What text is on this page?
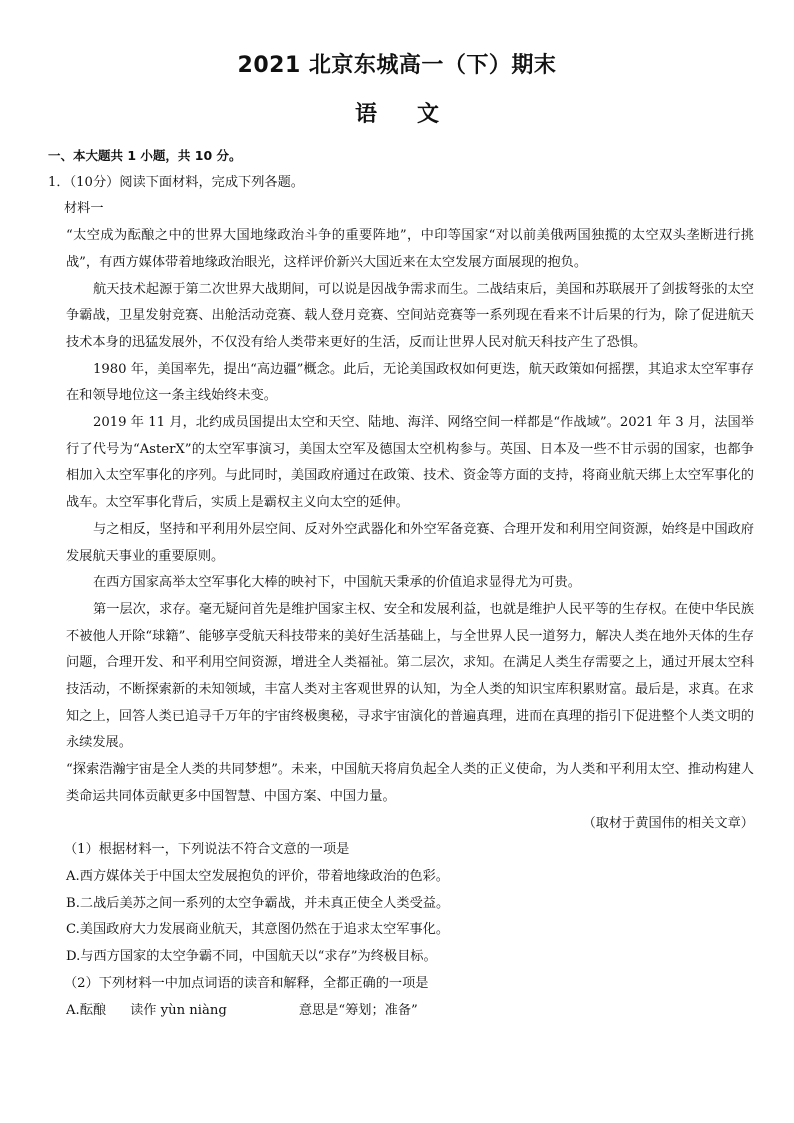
2021 北京东城高一（下）期末
语文
一、本大题共 1 小题，共 10 分。
1．（10分）阅读下面材料，完成下列各题。
材料一

“太空成为酝酿之中的世界大国地缘政治斗争的重要阵地”，中印等国家“对以前美俄两国独揽的太空双头垄断进行挑战”，有西方媒体带着地缘政治眼光，这样评价新兴大国近来在太空发展方面展现的抱负。

航天技术起源于第二次世界大战期间，可以说是因战争需求而生。二战结束后，美国和苏联展开了剑拔弩张的太空争霸战，卫星发射竞赛、出舱活动竞赛、载人登月竞赛、空间站竞赛等一系列现在看来不计后果的行为，除了促进航天技术本身的迅猛发展外，不仅没有给人类带来更好的生活，反而让世界人民对航天科技产生了恐惧。

1980 年，美国率先，提出“高边疆”概念。此后，无论美国政权如何更迭，航天政策如何摇摆，其追求太空军事存在和领导地位这一条主线始终未变。

2019 年 11 月，北约成员国提出太空和天空、陆地、海洋、网络空间一样都是“作战域”。2021 年 3 月，法国举行了代号为“AsterX”的太空军事演习，美国太空军及德国太空机构参与。英国、日本及一些不甘示弱的国家，也都争相加入太空军事化的序列。与此同时，美国政府通过在政策、技术、资金等方面的支持，将商业航天绑上太空军事化的战车。太空军事化背后，实质上是霸权主义向太空的延伸。

与之相反，坚持和平利用外层空间、反对外空武器化和外空军备竞赛、合理开发和利用空间资源，始终是中国政府发展航天事业的重要原则。

在西方国家高举太空军事化大棒的映衬下，中国航天秉承的价值追求显得尤为可贵。

第一层次，求存。毫无疑问首先是维护国家主权、安全和发展利益，也就是维护人民平等的生存权。在使中华民族不被他人开除“球籍”、能够享受航天科技带来的美好生活基础上，与全世界人民一道努力，解决人类在地外天体的生存问题，合理开发、和平利用空间资源，增进全人类福祉。第二层次，求知。在满足人类生存需要之上，通过开展太空科技活动，不断探索新的未知领域，丰富人类对主客观世界的认知，为全人类的知识宝库积累财富。最后是，求真。在求知之上，回答人类已追寻千万年的宇宙终极奥秘，寻求宇宙演化的普遍真理，进而在真理的指引下促进整个人类文明的永续发展。

“探索浩瀚宇宙是全人类的共同梦想”。未来，中国航天将肩负起全人类的正义使命，为人类和平利用太空、推动构建人类命运共同体贡献更多中国智慧、中国方案、中国力量。

（取材于黄国伟的相关文章）
（1）根据材料一，下列说法不符合文意的一项是
A.西方媒体关于中国太空发展抱负的评价，带着地缘政治的色彩。
B.二战后美苏之间一系列的太空争霸战，并未真正使全人类受益。
C.美国政府大力发展商业航天，其意图仍然在于追求太空军事化。
D.与西方国家的太空争霸不同，中国航天以“求存”为终极目标。
（2）下列材料一中加点词语的读音和解释，全都正确的一项是
A.酝酿 读作 yùn niàng	意思是“筹划；准备”
